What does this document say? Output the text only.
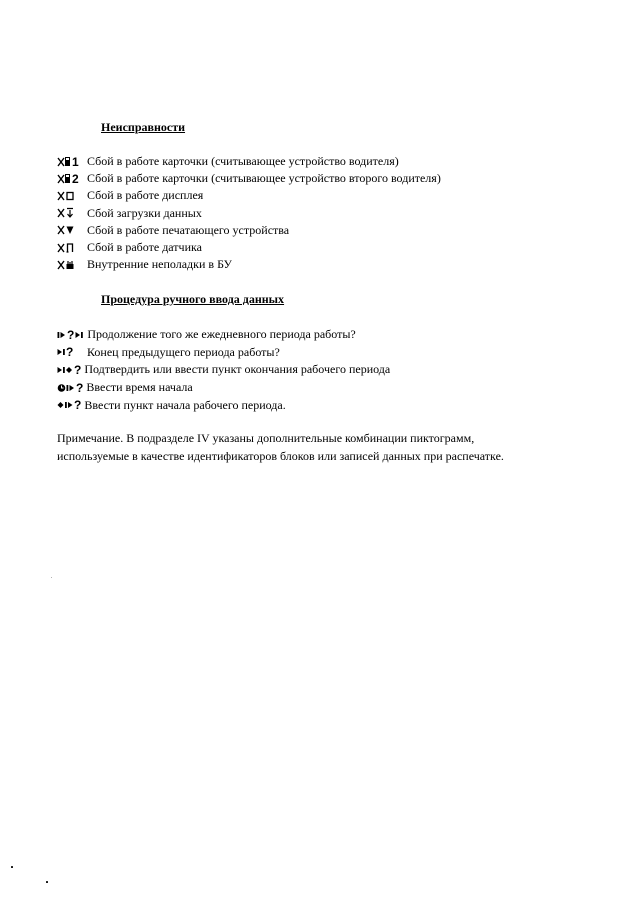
Неисправности

1 Сбой в работе карточки (считывающее устройство водителя)
2 Сбой в работе карточки (считывающее устройство второго водителя)
Сбой в работе дисплея
Сбой загрузки данных
Сбой в работе печатающего устройства
Сбой в работе датчика
Внутренние неполадки в БУ

Процедура ручного ввода данных

? Продолжение того же ежедневного периода работы?
? Конец предыдущего периода работы?
? Подтвердить или ввести пункт окончания рабочего периода
? Ввести время начала
? Ввести пункт начала рабочего периода.

Примечание. В подразделе IV указаны дополнительные комбинации пиктограмм,
используемые в качестве идентификаторов блоков или записей данных при распечатке.
